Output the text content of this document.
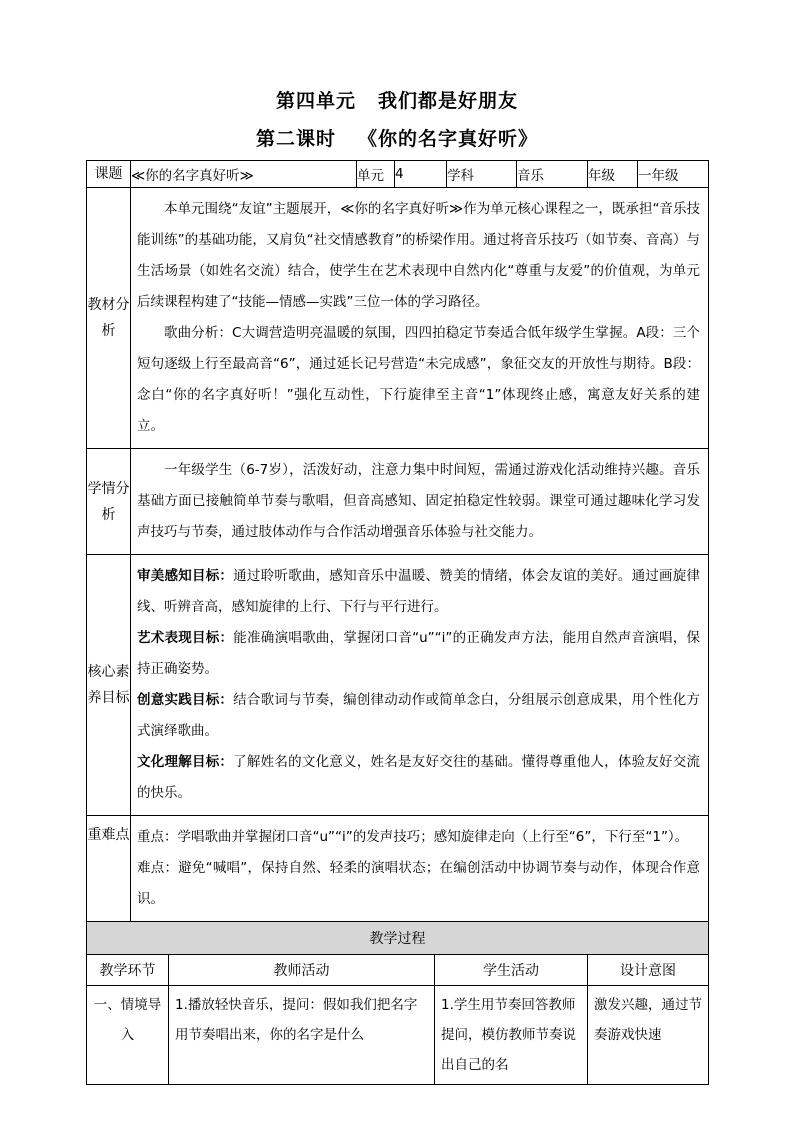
第四单元 我们都是好朋友
第二课时 《你的名字真好听》
课题	≪你的名字真好听≫		单元	4		学科	音乐	年级	一年级
教材分析	本单元围绕“友谊”主题展开，≪你的名字真好听≫作为单元核心课程之一，既承担“音乐技能训练”的基础功能，又肩负“社交情感教育”的桥梁作用。通过将音乐技巧（如节奏、音高）与生活场景（如姓名交流）结合，使学生在艺术表现中自然内化“尊重与友爱”的价值观，为单元后续课程构建了“技能—情感—实践”三位一体的学习路径。

歌曲分析：C大调营造明亮温暖的氛围，四四拍稳定节奏适合低年级学生掌握。A段：三个短句逐级上行至最高音“6”，通过延长记号营造“未完成感”，象征交友的开放性与期待。B段：念白“你的名字真好听！”强化互动性，下行旋律至主音“1”体现终止感，寓意友好关系的建立。								

学情分析	一年级学生（6-7岁），活泼好动，注意力集中时间短，需通过游戏化活动维持兴趣。音乐基础方面已接触简单节奏与歌唱，但音高感知、固定拍稳定性较弱。课堂可通过趣味化学习发声技巧与节奏，通过肢体动作与合作活动增强音乐体验与社交能力。								

核心素养目标	审美感知目标：通过聆听歌曲，感知音乐中温暖、赞美的情绪，体会友谊的美好。通过画旋律线、听辨音高，感知旋律的上行、下行与平行进行。

艺术表现目标：能准确演唱歌曲，掌握闭口音“u”“i”的正确发声方法，能用自然声音演唱，保持正确姿势。

创意实践目标：结合歌词与节奏，编创律动动作或简单念白，分组展示创意成果，用个性化方式演绎歌曲。

文化理解目标：了解姓名的文化意义，姓名是友好交往的基础。懂得尊重他人，体验友好交流的快乐。								

重难点	重点：学唱歌曲并掌握闭口音“u”“i”的发声技巧；感知旋律走向（上行至“6”，下行至“1”）。

难点：避免“喊唱”，保持自然、轻柔的演唱状态；在编创活动中协调节奏与动作，体现合作意识。								

教学过程									
教学环节		教师活动			学生活动			设计意图	
一、情境导入		1.播放轻快音乐，提问：假如我们把名字用节奏唱出来，你的名字是什么			1.学生用节奏回答教师提问，模仿教师节奏说出自己的名			激发兴趣，通过节奏游戏快速	
